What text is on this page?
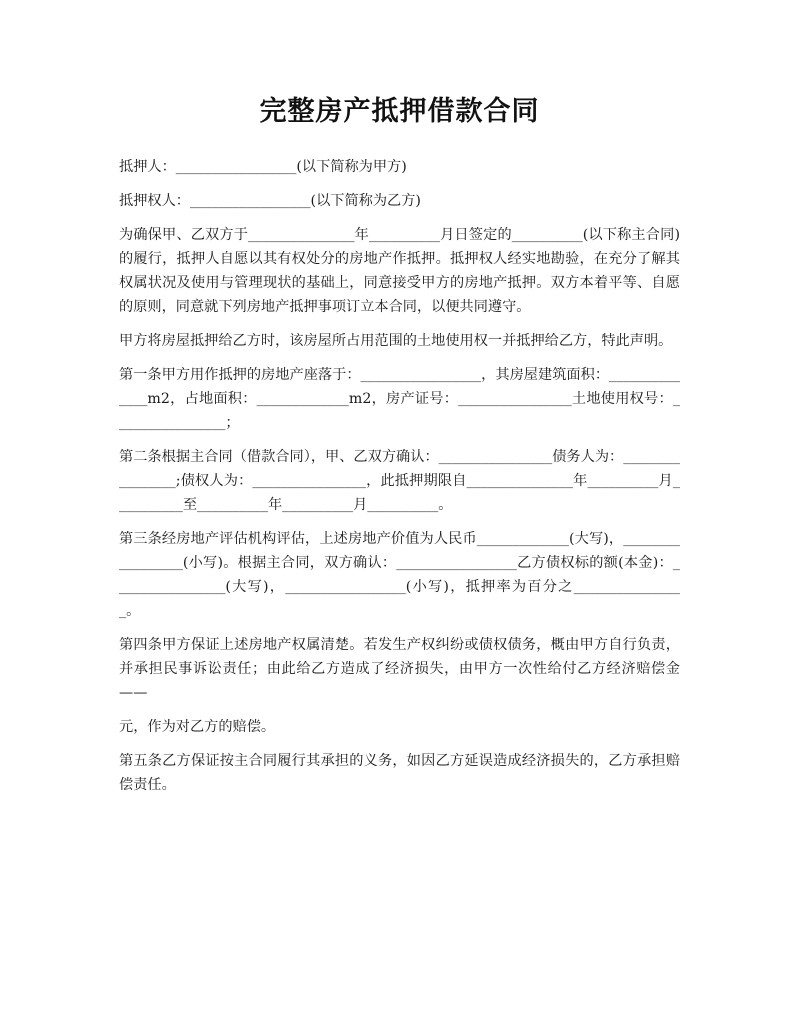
完整房产抵押借款合同

抵押人：_________________(以下简称为甲方)

抵押权人：_________________(以下简称为乙方)

为确保甲、乙双方于_______________年__________月日签定的__________(以下称主合同)的履行，抵押人自愿以其有权处分的房地产作抵押。抵押权人经实地勘验，在充分了解其权属状况及使用与管理现状的基础上，同意接受甲方的房地产抵押。双方本着平等、自愿的原则，同意就下列房地产抵押事项订立本合同，以便共同遵守。

甲方将房屋抵押给乙方时，该房屋所占用范围的土地使用权一并抵押给乙方，特此声明。

第一条甲方用作抵押的房地产座落于：_________________，其房屋建筑面积：______________m2，占地面积：_____________m2，房产证号：________________土地使用权号：________________；

第二条根据主合同（借款合同），甲、乙双方确认：________________债务人为：________________;债权人为：________________，此抵押期限自_______________年__________月__________至__________年__________月__________。

第三条经房地产评估机构评估，上述房地产价值为人民币_____________(大写)，_________________(小写)。根据主合同，双方确认：_________________乙方债权标的额(本金)：________________(大写)，_________________(小写)，抵押率为百分之________________。

第四条甲方保证上述房地产权属清楚。若发生产权纠纷或债权债务，概由甲方自行负责，并承担民事诉讼责任；由此给乙方造成了经济损失，由甲方一次性给付乙方经济赔偿金——

元，作为对乙方的赔偿。

第五条乙方保证按主合同履行其承担的义务，如因乙方延误造成经济损失的，乙方承担赔偿责任。
